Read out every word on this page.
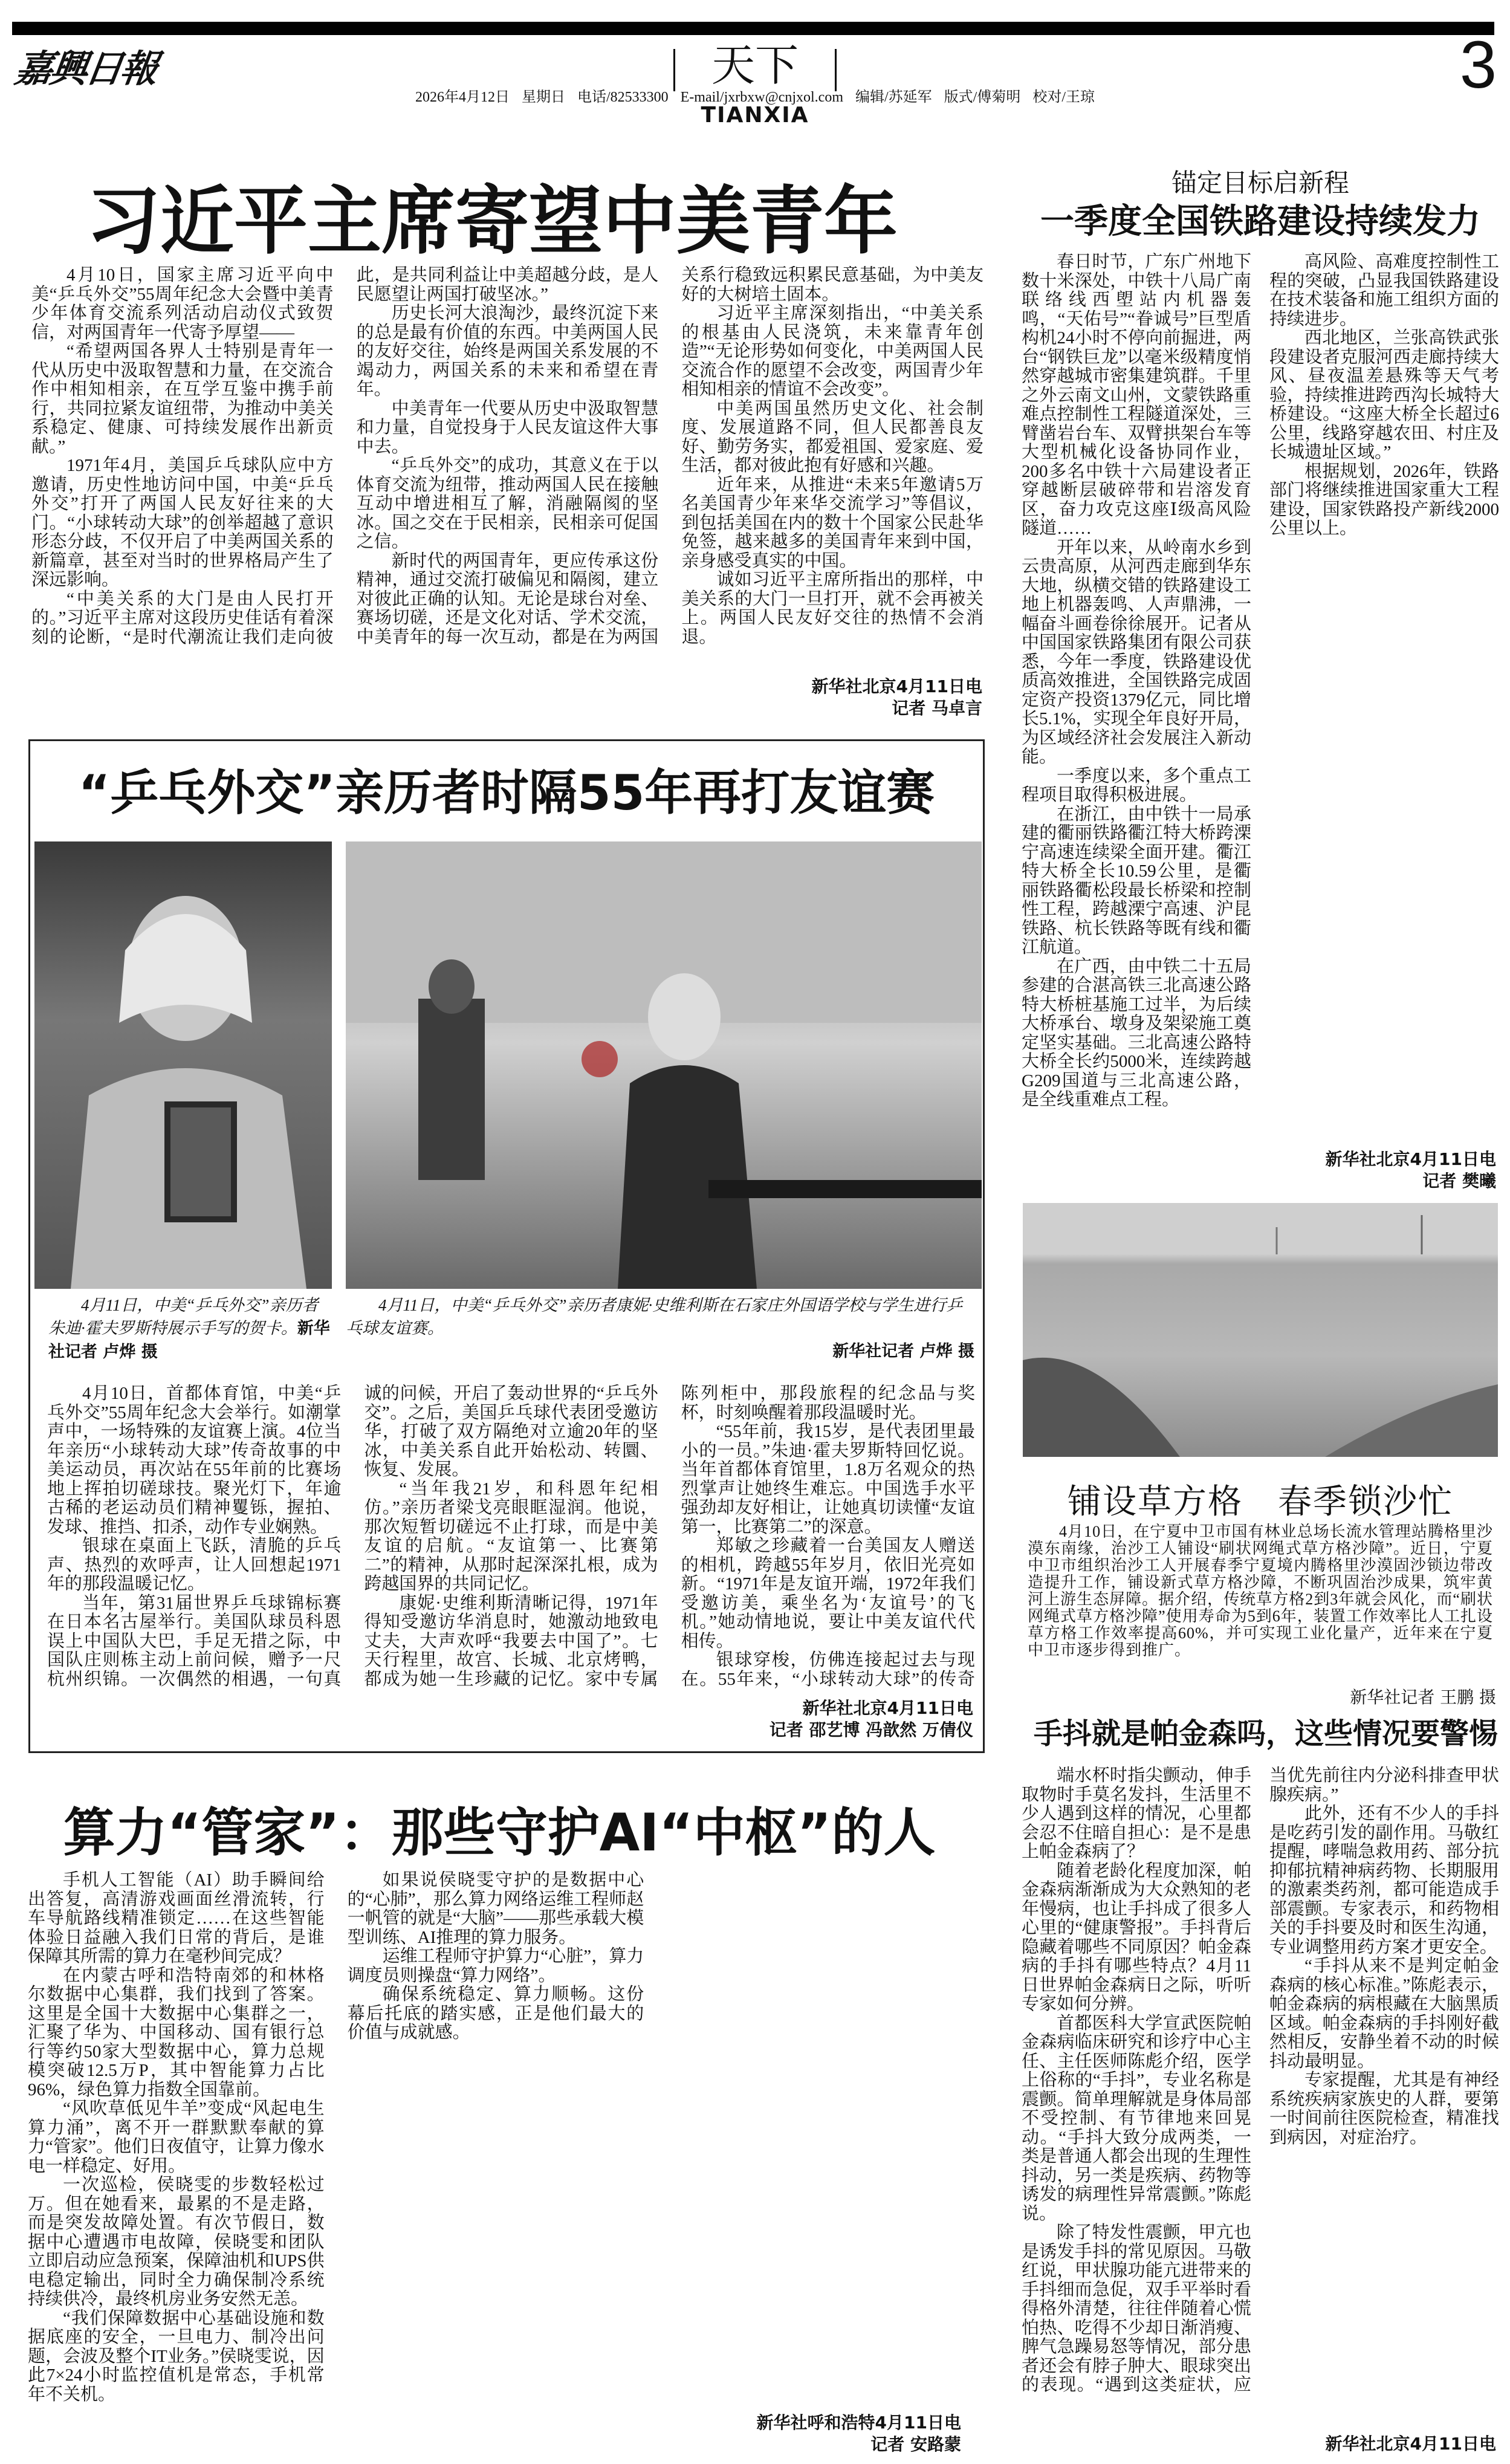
嘉興日報	天下
2026年4月12日 星期日 电话/82533300 E-mail/jxrbxw@cnjxol.com 编辑/苏延军 版式/傅菊明 校对/王琼
TIANXIA
3
习近平主席寄望中美青年

4月10日，国家主席习近平向中美“乒乓外交”55周年纪念大会暨中美青少年体育交流系列活动启动仪式致贺信，对两国青年一代寄予厚望——

“希望两国各界人士特别是青年一代从历史中汲取智慧和力量，在交流合作中相知相亲，在互学互鉴中携手前行，共同拉紧友谊纽带，为推动中美关系稳定、健康、可持续发展作出新贡献。”

1971年4月，美国乒乓球队应中方邀请，历史性地访问中国，中美“乒乓外交”打开了两国人民友好往来的大门。“小球转动大球”的创举超越了意识形态分歧，不仅开启了中美两国关系的新篇章，甚至对当时的世界格局产生了深远影响。

“中美关系的大门是由人民打开的。”习近平主席对这段历史佳话有着深刻的论断，“是时代潮流让我们走向彼此，是共同利益让中美超越分歧，是人民愿望让两国打破坚冰。”

历史长河大浪淘沙，最终沉淀下来的总是最有价值的东西。中美两国人民的友好交往，始终是两国关系发展的不竭动力，两国关系的未来和希望在青年。

中美青年一代要从历史中汲取智慧和力量，自觉投身于人民友谊这件大事中去。

“乒乓外交”的成功，其意义在于以体育交流为纽带，推动两国人民在接触互动中增进相互了解，消融隔阂的坚冰。国之交在于民相亲，民相亲可促国之信。

新时代的两国青年，更应传承这份精神，通过交流打破偏见和隔阂，建立对彼此正确的认知。无论是球台对垒、赛场切磋，还是文化对话、学术交流，中美青年的每一次互动，都是在为两国关系行稳致远积累民意基础，为中美友好的大树培土固本。

习近平主席深刻指出，“中美关系的根基由人民浇筑，未来靠青年创造”“无论形势如何变化，中美两国人民交流合作的愿望不会改变，两国青少年相知相亲的情谊不会改变”。

中美两国虽然历史文化、社会制度、发展道路不同，但人民都善良友好、勤劳务实，都爱祖国、爱家庭、爱生活，都对彼此抱有好感和兴趣。

近年来，从推进“未来5年邀请5万名美国青少年来华交流学习”等倡议，到包括美国在内的数十个国家公民赴华免签，越来越多的美国青年来到中国，亲身感受真实的中国。

诚如习近平主席所指出的那样，中美关系的大门一旦打开，就不会再被关上。两国人民友好交往的热情不会消退。

新华社北京4月11日电
记者 马卓言
锚定目标启新程
一季度全国铁路建设持续发力

春日时节，广东广州地下数十米深处，中铁十八局广南联络线西塱站内机器轰鸣，“天佑号”“眷诚号”巨型盾构机24小时不停向前掘进，两台“钢铁巨龙”以毫米级精度悄然穿越城市密集建筑群。千里之外云南文山州，文蒙铁路重难点控制性工程隧道深处，三臂凿岩台车、双臂拱架台车等大型机械化设备协同作业，200多名中铁十六局建设者正穿越断层破碎带和岩溶发育区，奋力攻克这座Ⅰ级高风险隧道……

开年以来，从岭南水乡到云贵高原，从河西走廊到华东大地，纵横交错的铁路建设工地上机器轰鸣、人声鼎沸，一幅奋斗画卷徐徐展开。记者从中国国家铁路集团有限公司获悉，今年一季度，铁路建设优质高效推进，全国铁路完成固定资产投资1379亿元，同比增长5.1%，实现全年良好开局，为区域经济社会发展注入新动能。

一季度以来，多个重点工程项目取得积极进展。

在浙江，由中铁十一局承建的衢丽铁路衢江特大桥跨溧宁高速连续梁全面开建。衢江特大桥全长10.59公里，是衢丽铁路衢松段最长桥梁和控制性工程，跨越溧宁高速、沪昆铁路、杭长铁路等既有线和衢江航道。

在广西，由中铁二十五局参建的合湛高铁三北高速公路特大桥桩基施工过半，为后续大桥承台、墩身及架梁施工奠定坚实基础。三北高速公路特大桥全长约5000米，连续跨越G209国道与三北高速公路，是全线重难点工程。

高风险、高难度控制性工程的突破，凸显我国铁路建设在技术装备和施工组织方面的持续进步。

西北地区，兰张高铁武张段建设者克服河西走廊持续大风、昼夜温差悬殊等天气考验，持续推进跨西沟长城特大桥建设。“这座大桥全长超过6公里，线路穿越农田、村庄及长城遗址区域。”

根据规划，2026年，铁路部门将继续推进国家重大工程建设，国家铁路投产新线2000公里以上。

新华社北京4月11日电
记者 樊曦
“乒乓外交”亲历者时隔55年再打友谊赛
4月11日，中美“乒乓外交”亲历者朱迪·霍夫罗斯特展示手写的贺卡。新华社记者 卢烨 摄
4月11日，中美“乒乓外交”亲历者康妮·史维利斯在石家庄外国语学校与学生进行乒乓球友谊赛。
新华社记者 卢烨 摄

4月10日，首都体育馆，中美“乒乓外交”55周年纪念大会举行。如潮掌声中，一场特殊的友谊赛上演。4位当年亲历“小球转动大球”传奇故事的中美运动员，再次站在55年前的比赛场地上挥拍切磋球技。聚光灯下，年逾古稀的老运动员们精神矍铄，握拍、发球、推挡、扣杀，动作专业娴熟。

银球在桌面上飞跃，清脆的乒乓声、热烈的欢呼声，让人回想起1971年的那段温暖记忆。

当年，第31届世界乒乓球锦标赛在日本名古屋举行。美国队球员科恩误上中国队大巴，手足无措之际，中国队庄则栋主动上前问候，赠予一尺杭州织锦。一次偶然的相遇，一句真诚的问候，开启了轰动世界的“乒乓外交”。之后，美国乒乓球代表团受邀访华，打破了双方隔绝对立逾20年的坚冰，中美关系自此开始松动、转圜、恢复、发展。

“当年我21岁，和科恩年纪相仿。”亲历者梁戈亮眼眶湿润。他说，那次短暂切磋远不止打球，而是中美友谊的启航。“友谊第一、比赛第二”的精神，从那时起深深扎根，成为跨越国界的共同记忆。

康妮·史维利斯清晰记得，1971年得知受邀访华消息时，她激动地致电丈夫，大声欢呼“我要去中国了”。七天行程里，故宫、长城、北京烤鸭，都成为她一生珍藏的记忆。家中专属陈列柜中，那段旅程的纪念品与奖杯，时刻唤醒着那段温暖时光。

“55年前，我15岁，是代表团里最小的一员。”朱迪·霍夫罗斯特回忆说。当年首都体育馆里，1.8万名观众的热烈掌声让她终生难忘。中国选手水平强劲却友好相让，让她真切读懂“友谊第一，比赛第二”的深意。

郑敏之珍藏着一台美国友人赠送的相机，跨越55年岁月，依旧光亮如新。“1971年是友谊开端，1972年我们受邀访美，乘坐名为‘友谊号’的飞机。”她动情地说，要让中美友谊代代相传。

银球穿梭，仿佛连接起过去与现在。55年来，“小球转动大球”的传奇

新华社北京4月11日电
记者 邵艺博 冯歆然 万倩仪
铺设草方格　春季锁沙忙
4月10日，在宁夏中卫市国有林业总场长流水管理站腾格里沙漠东南缘，治沙工人铺设“刷状网绳式草方格沙障”。近日，宁夏中卫市组织治沙工人开展春季宁夏境内腾格里沙漠固沙锁边带改造提升工作，铺设新式草方格沙障，不断巩固治沙成果，筑牢黄河上游生态屏障。据介绍，传统草方格2到3年就会风化，而“刷状网绳式草方格沙障”使用寿命为5到6年，装置工作效率比人工扎设草方格工作效率提高60%，并可实现工业化量产，近年来在宁夏中卫市逐步得到推广。
新华社记者 王鹏 摄
手抖就是帕金森吗，这些情况要警惕

端水杯时指尖颤动，伸手取物时手莫名发抖，生活里不少人遇到这样的情况，心里都会忍不住暗自担心：是不是患上帕金森病了？

随着老龄化程度加深，帕金森病渐渐成为大众熟知的老年慢病，也让手抖成了很多人心里的“健康警报”。手抖背后隐藏着哪些不同原因？帕金森病的手抖有哪些特点？4月11日世界帕金森病日之际，听听专家如何分辨。

首都医科大学宣武医院帕金森病临床研究和诊疗中心主任、主任医师陈彪介绍，医学上俗称的“手抖”，专业名称是震颤。简单理解就是身体局部不受控制、有节律地来回晃动。“手抖大致分成两类，一类是普通人都会出现的生理性抖动，另一类是疾病、药物等诱发的病理性异常震颤。”陈彪说。

除了特发性震颤，甲亢也是诱发手抖的常见原因。马敬红说，甲状腺功能亢进带来的手抖细而急促，双手平举时看得格外清楚，往往伴随着心慌怕热、吃得不少却日渐消瘦、脾气急躁易怒等情况，部分患者还会有脖子肿大、眼球突出的表现。“遇到这类症状，应当优先前往内分泌科排查甲状腺疾病。”

此外，还有不少人的手抖是吃药引发的副作用。马敬红提醒，哮喘急救用药、部分抗抑郁抗精神病药物、长期服用的激素类药剂，都可能造成手部震颤。专家表示，和药物相关的手抖要及时和医生沟通，专业调整用药方案才更安全。

“手抖从来不是判定帕金森病的核心标准。”陈彪表示，帕金森病的病根藏在大脑黑质区域。帕金森病的手抖刚好截然相反，安静坐着不动的时候抖动最明显。

专家提醒，尤其是有神经系统疾病家族史的人群，要第一时间前往医院检查，精准找到病因，对症治疗。

新华社北京4月11日电
算力“管家”：那些守护AI“中枢”的人

手机人工智能（AI）助手瞬间给出答复，高清游戏画面丝滑流转，行车导航路线精准锁定……在这些智能体验日益融入我们日常的背后，是谁保障其所需的算力在毫秒间完成？

在内蒙古呼和浩特南郊的和林格尔数据中心集群，我们找到了答案。这里是全国十大数据中心集群之一，汇聚了华为、中国移动、国有银行总行等约50家大型数据中心，算力总规模突破12.5万P，其中智能算力占比96%，绿色算力指数全国靠前。

“风吹草低见牛羊”变成“风起电生算力涌”，离不开一群默默奉献的算力“管家”。他们日夜值守，让算力像水电一样稳定、好用。

一次巡检，侯晓雯的步数轻松过万。但在她看来，最累的不是走路，而是突发故障处置。有次节假日，数据中心遭遇市电故障，侯晓雯和团队立即启动应急预案，保障油机和UPS供电稳定输出，同时全力确保制冷系统持续供冷，最终机房业务安然无恙。

“我们保障数据中心基础设施和数据底座的安全，一旦电力、制冷出问题，会波及整个IT业务。”侯晓雯说，因此7×24小时监控值机是常态，手机常年不关机。

如果说侯晓雯守护的是数据中心的“心肺”，那么算力网络运维工程师赵一帆管的就是“大脑”——那些承载大模型训练、AI推理的算力服务。

运维工程师守护算力“心脏”，算力调度员则操盘“算力网络”。

确保系统稳定、算力顺畅。这份幕后托底的踏实感，正是他们最大的价值与成就感。

新华社呼和浩特4月11日电
记者 安路蒙
